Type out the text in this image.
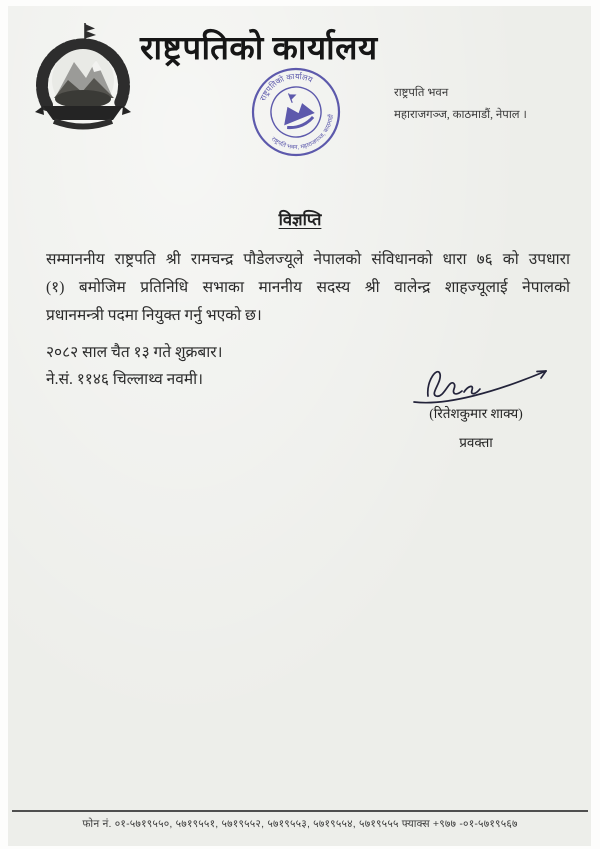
राष्ट्रपतिको कार्यालय
राष्ट्रपतिको कार्यालय
राष्ट्रपति भवन, महाराजगञ्ज, काठमाडौं
राष्ट्रपति भवन
महाराजगञ्ज, काठमाडौं, नेपाल ।
विज्ञप्ति
सम्माननीय राष्ट्रपति श्री रामचन्द्र पौडेलज्यूले नेपालको संविधानको धारा ७६ को उपधारा
(१) बमोजिम प्रतिनिधि सभाका माननीय सदस्य श्री वालेन्द्र शाहज्यूलाई नेपालको
प्रधानमन्त्री पदमा नियुक्त गर्नु भएको छ।
२०८२ साल चैत १३ गते शुक्रबार।
ने.सं. ११४६ चिल्लाथ्व नवमी।
(रितेशकुमार शाक्य)
प्रवक्ता
फोन नं. ०१-५७१९५५०, ५७१९५५१, ५७१९५५२, ५७१९५५३, ५७१९५५४, ५७१९५५५ फ्याक्स +९७७ -०१-५७१९५६७
